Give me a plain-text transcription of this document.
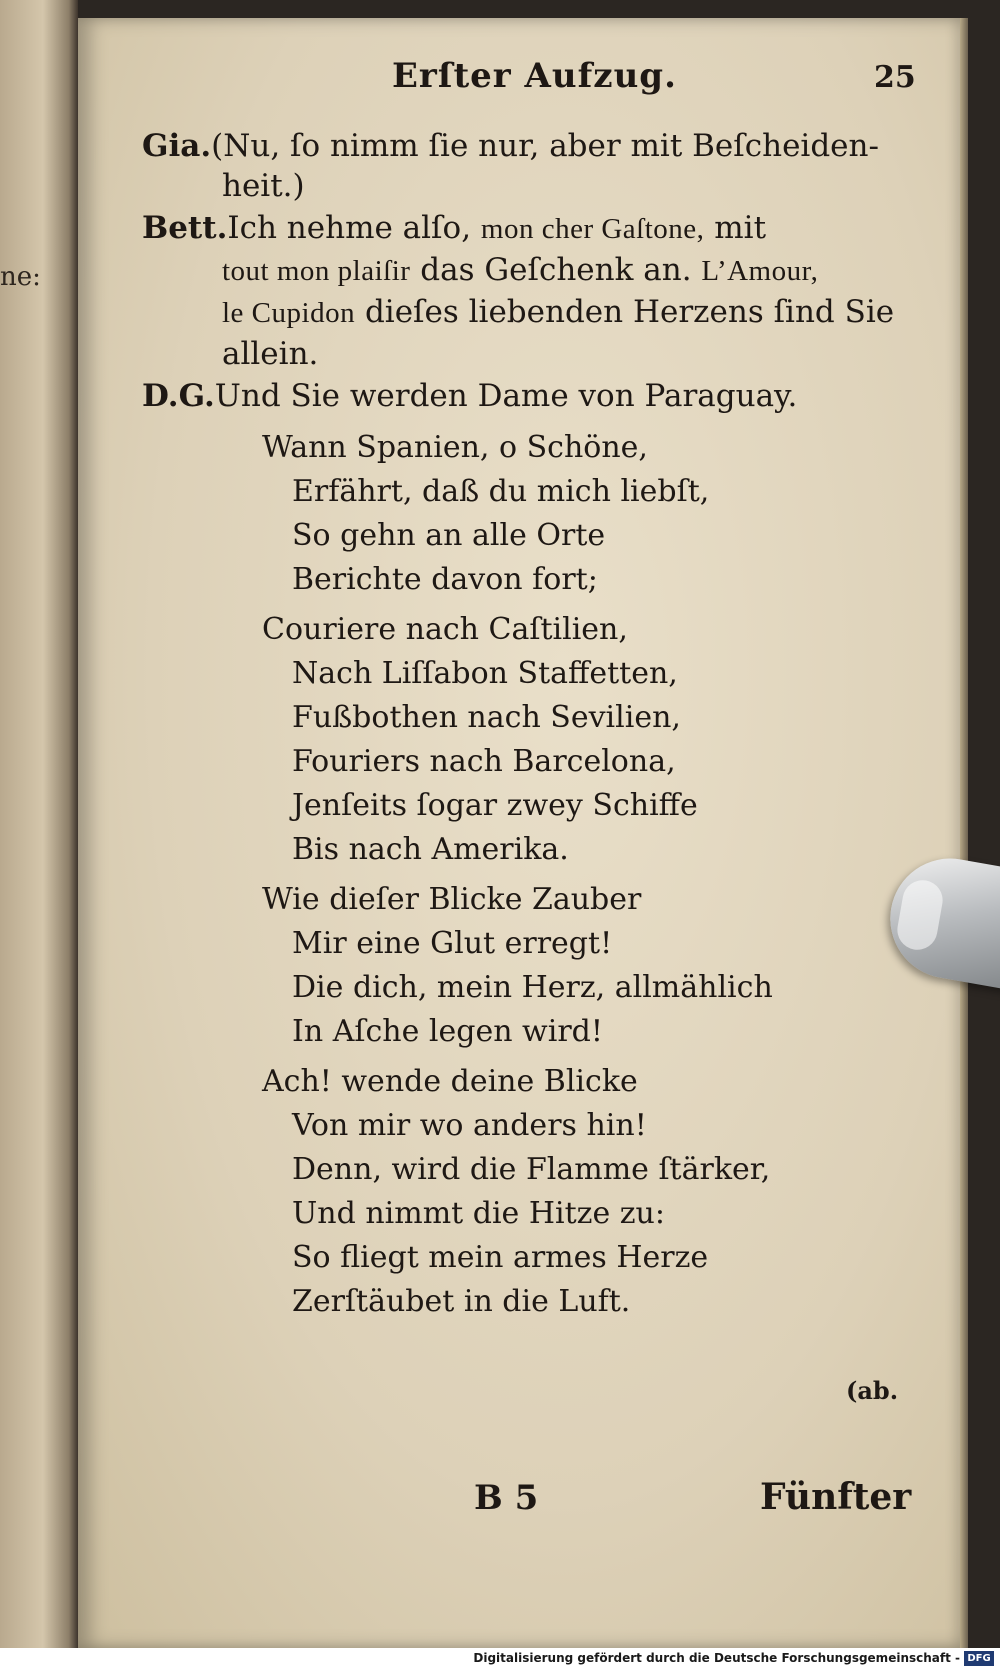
ne:
Erſter Aufzug.	25
Gia.(Nu, ſo nimm ſie nur, aber mit Beſcheiden-
heit.)
Bett.Ich nehme alſo, mon cher Gaſtone, mit
tout mon plaiſir das Geſchenk an. L’Amour,
le Cupidon dieſes liebenden Herzens ſind Sie
allein.
D.G.Und Sie werden Dame von Paraguay.
Wann Spanien, o Schöne,
Erfährt, daß du mich liebſt,
So gehn an alle Orte
Berichte davon fort;
Couriere nach Caſtilien,
Nach Liſſabon Staffetten,
Fußbothen nach Sevilien,
Fouriers nach Barcelona,
Jenſeits ſogar zwey Schiffe
Bis nach Amerika.
Wie dieſer Blicke Zauber
Mir eine Glut erregt!
Die dich, mein Herz, allmählich
In Aſche legen wird!
Ach! wende deine Blicke
Von mir wo anders hin!
Denn, wird die Flamme ſtärker,
Und nimmt die Hitze zu:
So fliegt mein armes Herze
Zerſtäubet in die Luft.
(ab.
B 5	Fünfter
Digitalisierung gefördert durch die Deutsche Forschungsgemeinschaft - DFG
